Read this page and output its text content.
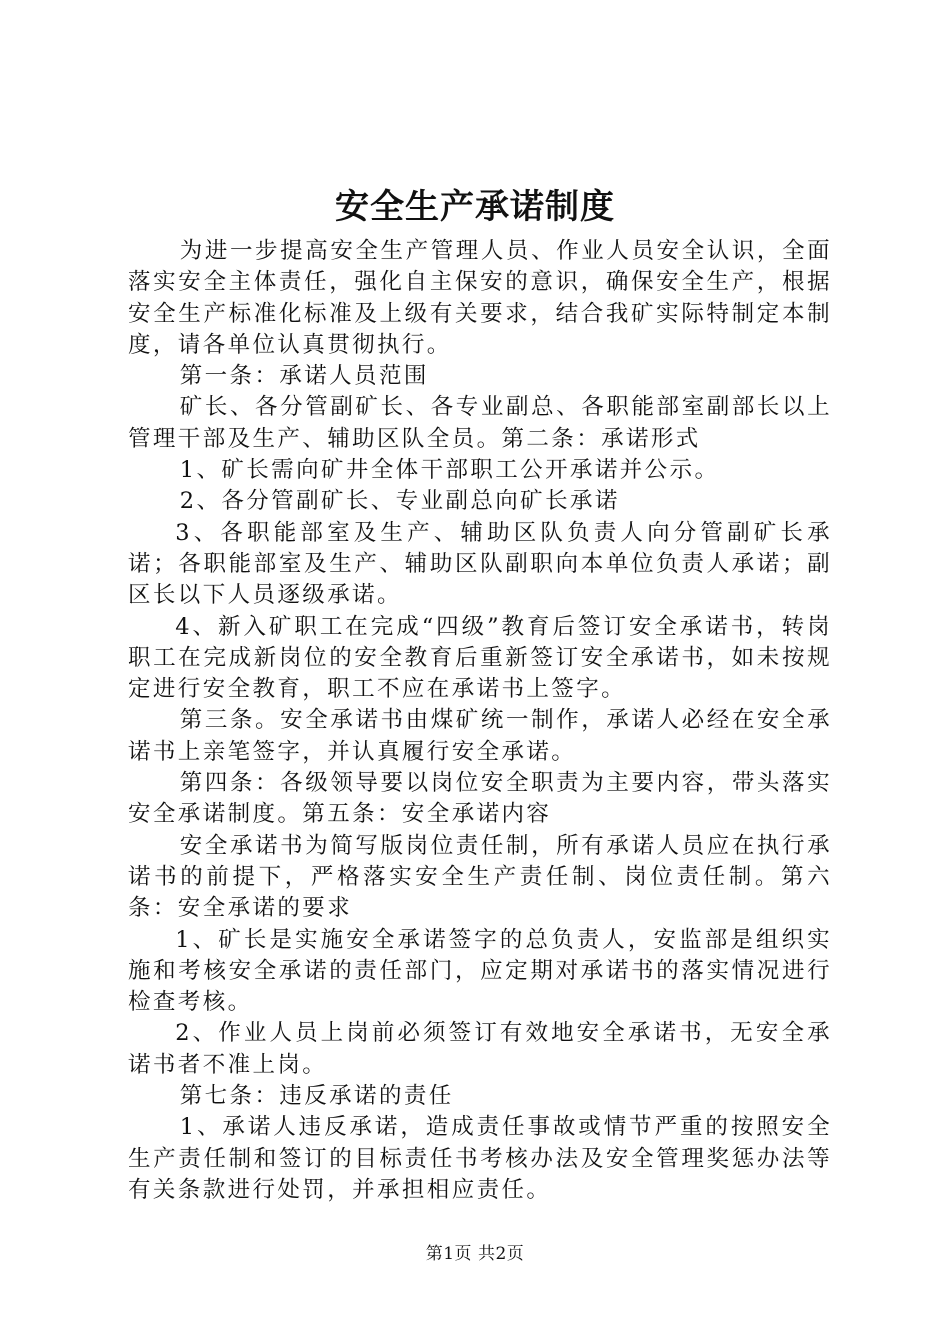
安全生产承诺制度

为进一步提高安全生产管理人员、作业人员安全认识，全面落实安全主体责任，强化自主保安的意识，确保安全生产，根据安全生产标准化标准及上级有关要求，结合我矿实际特制定本制度，请各单位认真贯彻执行。

第一条：承诺人员范围

矿长、各分管副矿长、各专业副总、各职能部室副部长以上管理干部及生产、辅助区队全员。第二条：承诺形式

1、矿长需向矿井全体干部职工公开承诺并公示。

2、各分管副矿长、专业副总向矿长承诺

3、各职能部室及生产、辅助区队负责人向分管副矿长承诺；各职能部室及生产、辅助区队副职向本单位负责人承诺；副区长以下人员逐级承诺。

4、新入矿职工在完成“四级”教育后签订安全承诺书，转岗职工在完成新岗位的安全教育后重新签订安全承诺书，如未按规定进行安全教育，职工不应在承诺书上签字。

第三条。安全承诺书由煤矿统一制作，承诺人必经在安全承诺书上亲笔签字，并认真履行安全承诺。

第四条：各级领导要以岗位安全职责为主要内容，带头落实安全承诺制度。第五条：安全承诺内容

安全承诺书为简写版岗位责任制，所有承诺人员应在执行承诺书的前提下，严格落实安全生产责任制、岗位责任制。第六条：安全承诺的要求

1、矿长是实施安全承诺签字的总负责人，安监部是组织实施和考核安全承诺的责任部门，应定期对承诺书的落实情况进行检查考核。

2、作业人员上岗前必须签订有效地安全承诺书，无安全承诺书者不准上岗。

第七条：违反承诺的责任

1、承诺人违反承诺，造成责任事故或情节严重的按照安全生产责任制和签订的目标责任书考核办法及安全管理奖惩办法等有关条款进行处罚，并承担相应责任。

第1页 共2页
